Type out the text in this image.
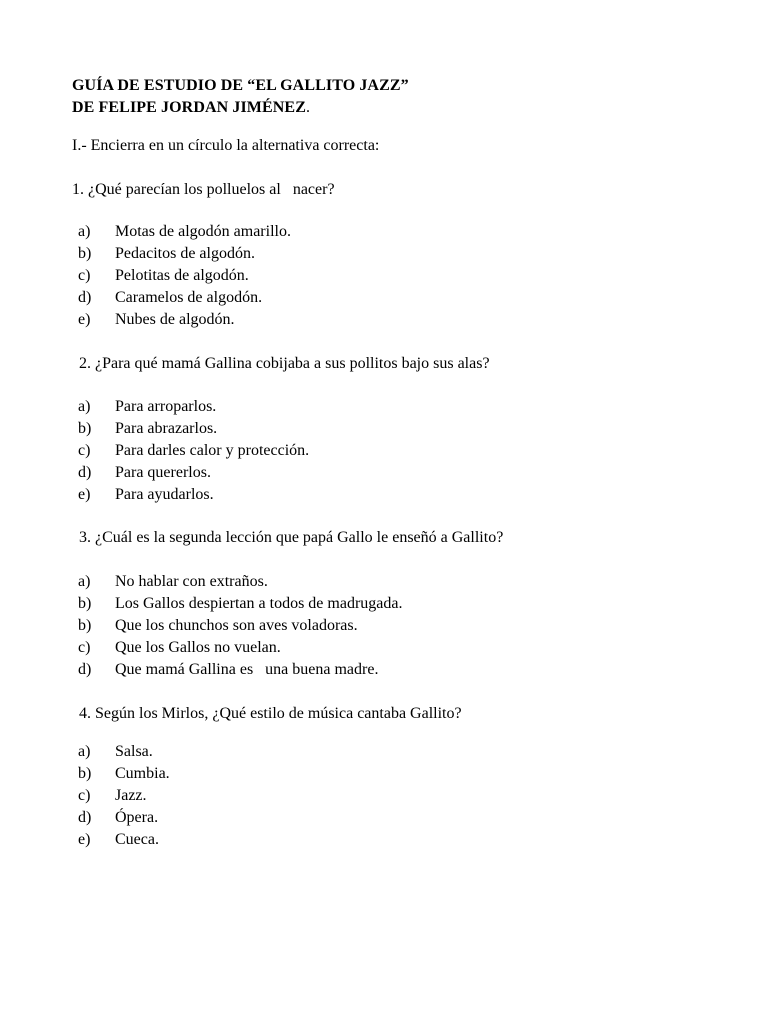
GUÍA DE ESTUDIO DE “EL GALLITO JAZZ”
DE FELIPE JORDAN JIMÉNEZ.
I.- Encierra en un círculo la alternativa correcta:
1. ¿Qué parecían los polluelos al   nacer?
a) Motas de algodón amarillo.
b) Pedacitos de algodón.
c) Pelotitas de algodón.
d) Caramelos de algodón.
e) Nubes de algodón.
2. ¿Para qué mamá Gallina cobijaba a sus pollitos bajo sus alas?
a) Para arroparlos.
b) Para abrazarlos.
c) Para darles calor y protección.
d) Para quererlos.
e) Para ayudarlos.
3. ¿Cuál es la segunda lección que papá Gallo le enseñó a Gallito?
a) No hablar con extraños.
b) Los Gallos despiertan a todos de madrugada.
b) Que los chunchos son aves voladoras.
c) Que los Gallos no vuelan.
d) Que mamá Gallina es   una buena madre.
4. Según los Mirlos, ¿Qué estilo de música cantaba Gallito?
a) Salsa.
b) Cumbia.
c) Jazz.
d) Ópera.
e) Cueca.
